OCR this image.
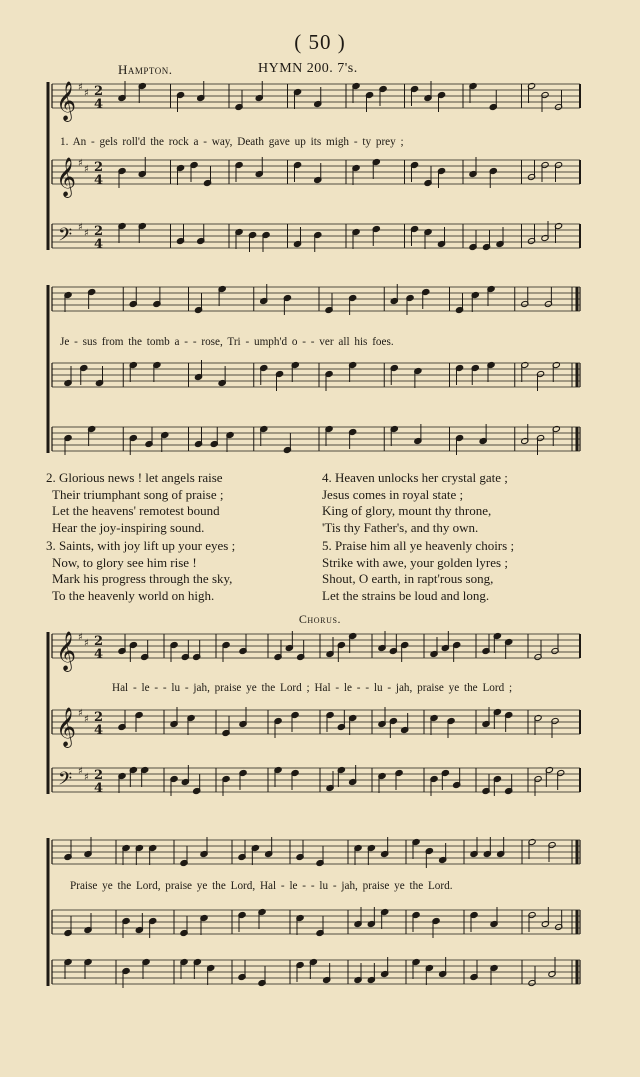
( 50 )
Hampton.	HYMN 200. 7's.
𝄞 ♯
♯ 2
4
𝄞 ♯
♯ 2
4
𝄢 ♯
♯ 2
4
𝄞 ♯
♯ 2
4
𝄞 ♯
♯ 2
4
𝄢 ♯
♯ 2
4
1. An - gels roll'd the rock a - way, Death gave up its migh - ty prey ;
Je - sus from the tomb a - - rose, Tri - umph'd o - - ver all his foes.
2. Glorious news ! let angels raise
Their triumphant song of praise ;
Let the heavens' remotest bound
Hear the joy-inspiring sound.
3. Saints, with joy lift up your eyes ;
Now, to glory see him rise !
Mark his progress through the sky,
To the heavenly world on high.
4. Heaven unlocks her crystal gate ;
Jesus comes in royal state ;
King of glory, mount thy throne,
'Tis thy Father's, and thy own.
5. Praise him all ye heavenly choirs ;
Strike with awe, your golden lyres ;
Shout, O earth, in rapt'rous song,
Let the strains be loud and long.
Chorus.
Hal - le - - lu - jah, praise ye the Lord ; Hal - le - - lu - jah, praise ye the Lord ;
Praise ye the Lord, praise ye the Lord, Hal - le - - lu - jah, praise ye the Lord.
